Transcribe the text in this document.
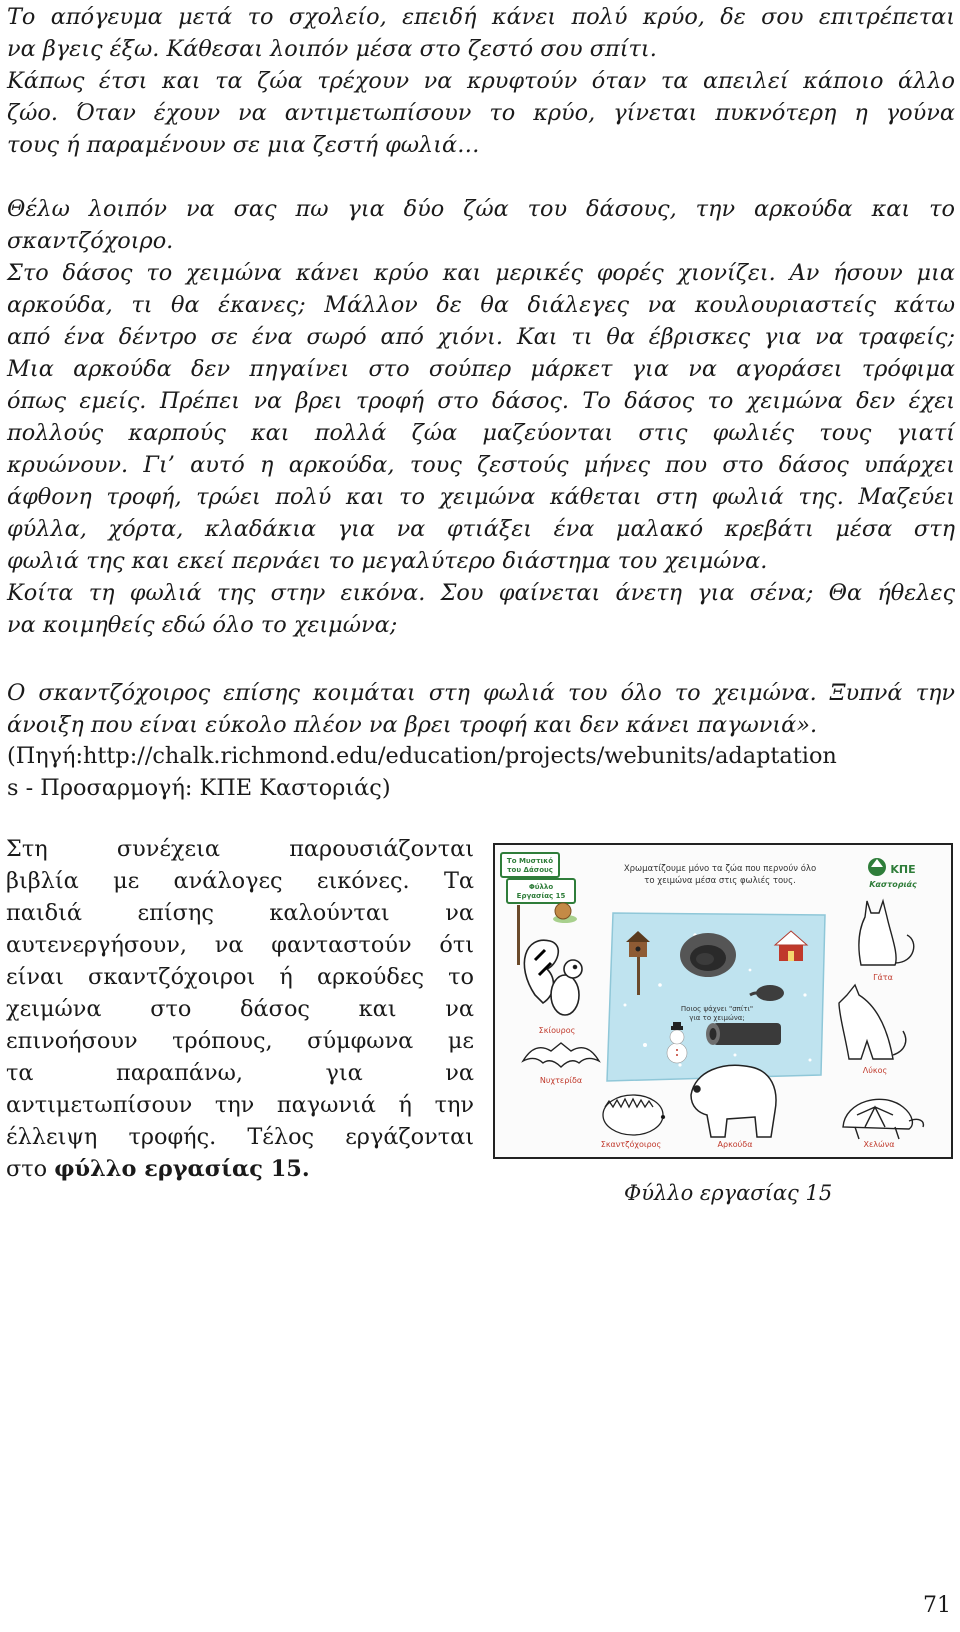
Το απόγευμα μετά το σχολείο, επειδή κάνει πολύ κρύο, δε σου επιτρέπεται
να βγεις έξω. Κάθεσαι λοιπόν μέσα στο ζεστό σου σπίτι.
Κάπως έτσι και τα ζώα τρέχουν να κρυφτούν όταν τα απειλεί κάποιο άλλο
ζώο. Όταν έχουν να αντιμετωπίσουν το κρύο, γίνεται πυκνότερη η γούνα
τους ή παραμένουν σε μια ζεστή φωλιά…
Θέλω λοιπόν να σας πω για δύο ζώα του δάσους, την αρκούδα και το
σκαντζόχοιρο.
Στο δάσος το χειμώνα κάνει κρύο και μερικές φορές χιονίζει. Αν ήσουν μια
αρκούδα, τι θα έκανες; Μάλλον δε θα διάλεγες να κουλουριαστείς κάτω
από ένα δέντρο σε ένα σωρό από χιόνι. Και τι θα έβρισκες για να τραφείς;
Μια αρκούδα δεν πηγαίνει στο σούπερ μάρκετ για να αγοράσει τρόφιμα
όπως εμείς. Πρέπει να βρει τροφή στο δάσος. Το δάσος το χειμώνα δεν έχει
πολλούς καρπούς και πολλά ζώα μαζεύονται στις φωλιές τους γιατί
κρυώνουν. Γι’ αυτό η αρκούδα, τους ζεστούς μήνες που στο δάσος υπάρχει
άφθονη τροφή, τρώει πολύ και το χειμώνα κάθεται στη φωλιά της. Μαζεύει
φύλλα, χόρτα, κλαδάκια για να φτιάξει ένα μαλακό κρεβάτι μέσα στη
φωλιά της και εκεί περνάει το μεγαλύτερο διάστημα του χειμώνα.
Κοίτα τη φωλιά της στην εικόνα. Σου φαίνεται άνετη για σένα; Θα ήθελες
να κοιμηθείς εδώ όλο το χειμώνα;
Ο σκαντζόχοιρος επίσης κοιμάται στη φωλιά του όλο το χειμώνα. Ξυπνά την
άνοιξη που είναι εύκολο πλέον να βρει τροφή και δεν κάνει παγωνιά».
(Πηγή:http://chalk.richmond.edu/education/projects/webunits/adaptation
s - Προσαρμογή: ΚΠΕ Καστοριάς)
Στη συνέχεια παρουσιάζονται
βιβλία με ανάλογες εικόνες. Τα
παιδιά επίσης καλούνται να
αυτενεργήσουν, να φανταστούν ότι
είναι σκαντζόχοιροι ή αρκούδες το
χειμώνα στο δάσος και να
επινοήσουν τρόπους, σύμφωνα με
τα παραπάνω, για να
αντιμετωπίσουν την παγωνιά ή την
έλλειψη τροφής. Τέλος εργάζονται
στο φύλλο εργασίας 15.
Ποιος ψάχνει "σπίτι"
για το χειμώνα;
Το Μυστικό
του Δάσους
Φύλλο
Εργασίας 15
Χρωματίζουμε μόνο τα ζώα που περνούν όλο
το χειμώνα μέσα στις φωλιές τους.
ΚΠΕ
Καστοριάς
Σκίουρος
Γάτα
Λύκος
Νυχτερίδα
Σκαντζόχοιρος	Αρκούδα	Χελώνα
Φύλλο εργασίας 15
71
